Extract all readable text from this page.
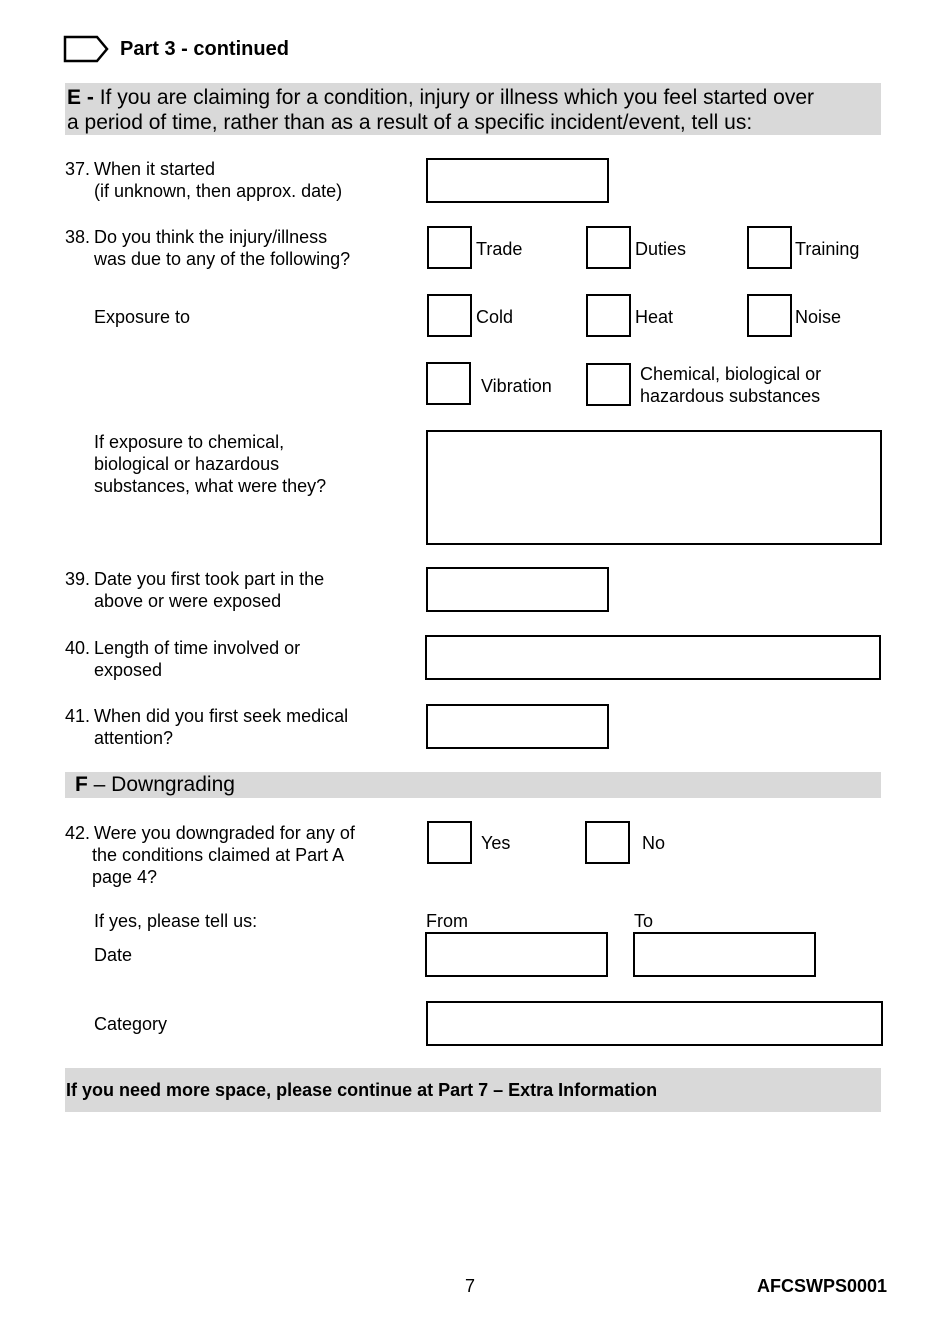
Part 3 - continued
E - If you are claiming for a condition, injury or illness which you feel started over
a period of time, rather than as a result of a specific incident/event, tell us:
37. When it started
(if unknown, then approx. date)
38. Do you think the injury/illness
was due to any of the following?	Trade	Duties	Training
Exposure to	Cold	Heat	Noise
Vibration
Chemical, biological or
hazardous substances
If exposure to chemical,
biological or hazardous
substances, what were they?
39. Date you first took part in the
above or were exposed
40. Length of time involved or
exposed
41. When did you first seek medical
attention?
F – Downgrading
42. Were you downgraded for any of
the conditions claimed at Part A
page 4?
Yes	No
If yes, please tell us:	From	To
Date
Category
If you need more space, please continue at Part 7 – Extra Information
7	AFCSWPS0001
